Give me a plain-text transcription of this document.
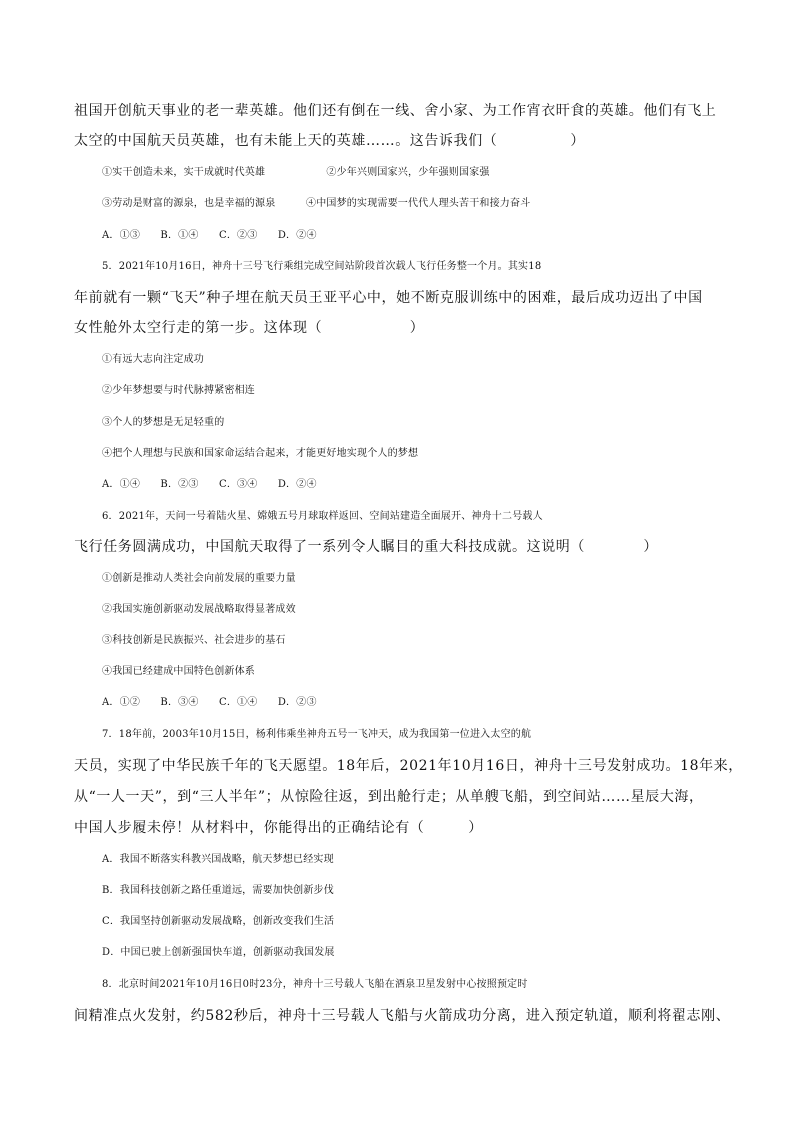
祖国开创航天事业的老一辈英雄。他们还有倒在一线、舍小家、为工作宵衣旰食的英雄。他们有飞上
太空的中国航天员英雄，也有未能上天的英雄……。这告诉我们（　　　　　）
①实干创造未来，实干成就时代英雄　　　　　　②少年兴则国家兴，少年强则国家强
③劳动是财富的源泉，也是幸福的源泉　　　④中国梦的实现需要一代代人理头苦干和接力奋斗
A．①③　　B．①④　　C．②③　　D．②④
5．2021年10月16日，神舟十三号飞行乘组完成空间站阶段首次载人飞行任务整一个月。其实18
年前就有一颗“飞天”种子埋在航天员王亚平心中，她不断克服训练中的困难，最后成功迈出了中国
女性舱外太空行走的第一步。这体现（　　　　　　）
①有远大志向注定成功
②少年梦想要与时代脉搏紧密相连
③个人的梦想是无足轻重的
④把个人理想与民族和国家命运结合起来，才能更好地实现个人的梦想
A．①④　　B．②③　　C．③④　　D．②④
6．2021年，天问一号着陆火星、嫦娥五号月球取样返回、空间站建造全面展开、神舟十二号载人
飞行任务圆满成功，中国航天取得了一系列令人瞩目的重大科技成就。这说明（　　　　）
①创新是推动人类社会向前发展的重要力量
②我国实施创新驱动发展战略取得显著成效
③科技创新是民族振兴、社会进步的基石
④我国已经建成中国特色创新体系
A．①②　　B．③④　　C．①④　　D．②③
7．18年前，2003年10月15日，杨利伟乘坐神舟五号一飞冲天，成为我国第一位进入太空的航
天员，实现了中华民族千年的飞天愿望。18年后，2021年10月16日，神舟十三号发射成功。18年来，
从“一人一天”，到“三人半年”；从惊险往返，到出舱行走；从单艘飞船，到空间站……星辰大海，
中国人步履未停！从材料中，你能得出的正确结论有（　　　）
A．我国不断落实科教兴国战略，航天梦想已经实现
B．我国科技创新之路任重道远，需要加快创新步伐
C．我国坚持创新驱动发展战略，创新改变我们生活
D．中国已驶上创新强国快车道，创新驱动我国发展
8．北京时间2021年10月16日0时23分，神舟十三号载人飞船在酒泉卫星发射中心按照预定时
间精准点火发射，约582秒后，神舟十三号载人飞船与火箭成功分离，进入预定轨道，顺利将翟志刚、
